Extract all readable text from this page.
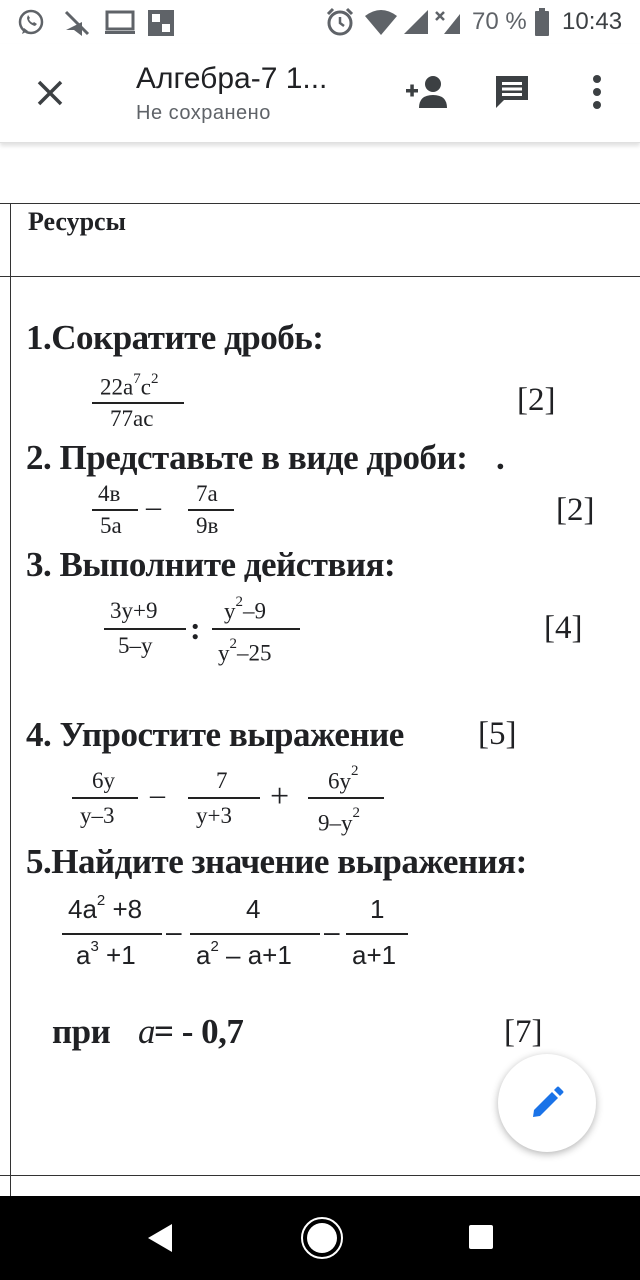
70 % 10:43
Алгебра-7 1...
Не сохранено
Ресурсы
1.Сократите дробь:
$22a^7c^2$
77ac
[2]
2. Представьте в виде дроби: .
4в
5a
– 7a
9в	[2]
3. Выполните действия:
3y+9
5–y : $y^2-9$
$y^2-25$
[4]
4. Упростите выражение [5]
6y
y–3
– 7
y+3
+ $6y^2$
$9-y^2$
5.Найдите значение выражения:
$4a^2 +8$
$a^3 +1$
–
4
$a^2 - a+1$
–
1
a+1
при a = - 0,7	[7]
